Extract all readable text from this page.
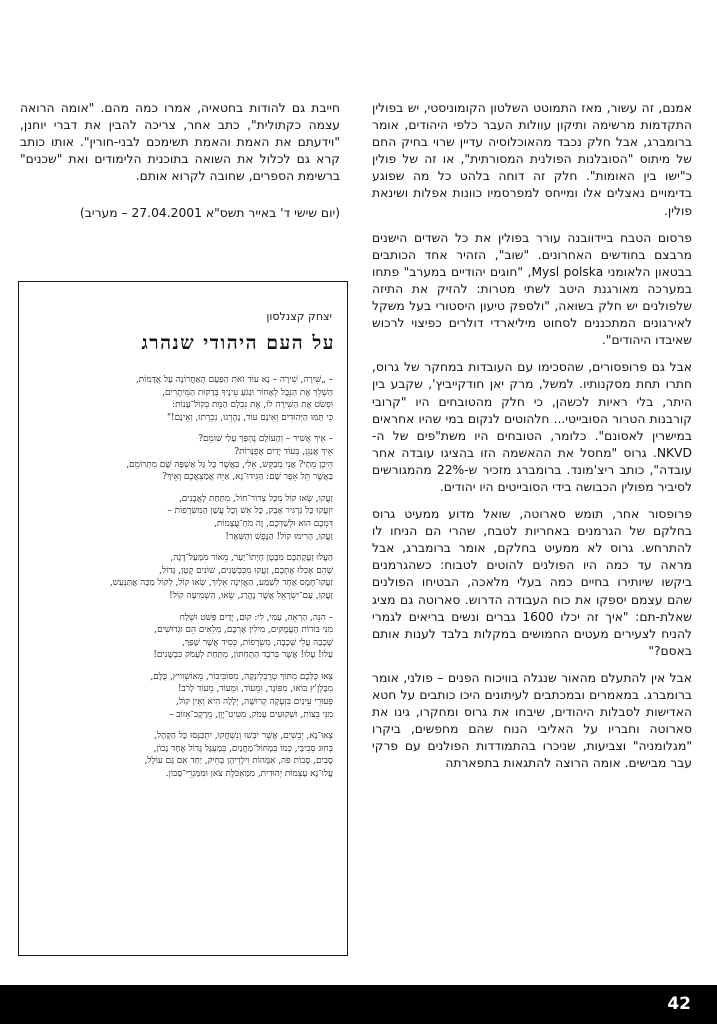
אמנם, זה עשור, מאז התמוטט השלטון הקומוניסטי, יש בפולין התקדמות מרשימה ותיקון עוולות העבר כלפי היהודים, אומר ברומברג, אבל חלק נכבד מהאוכלוסיה עדיין שרוי בחיק החם של מיתוס "הסובלנות הפולנית המסורתית", או זה של פולין כ"ישו בין האומות". חלק זה דוחה בלהט כל מה שפוגע בדימויים נאצלים אלו ומייחס למפרסמיו כוונות אפלות ושינאת פולין.

פרסום הטבח ביידוובנה עורר בפולין את כל השדים הישנים מרבצם בחודשים האחרונים. "שוב", הזהיר אחד הכותבים בבטאון הלאומני Mysl polska, "חוגים יהודיים במערב" פתחו במערכה מאורגנת היטב לשתי מטרות: להזיק את התיזה שלפולנים יש חלק בשואה, "ולספק טיעון היסטורי בעל משקל לאירגונים המתכננים לסחוט מיליארדי דולרים כפיצוי לרכוש שאיבדו היהודים".

אבל גם פרופסורים, שהסכימו עם העובדות במחקר של גרוס, חתרו תחת מסקנותיו. למשל, מרק יאן חודקייביץ', שקבע בין היתר, בלי ראיות לכשהן, כי חלק מהטובחים היו "קרובי קורבנות הטרור הסובייטי... חלהוטים לנקום במי שהיו אחראים במישרין לאסונם". כלומר, הטובחים היו משת"פים של ה-NKVD. גרוס "מחסל את ההאשמה הזו בהציגו עובדה אחר עובדה", כותב ריצ'מונד. ברומברג מזכיר ש-22% מהמגורשים לסיביר מפולין הכבושה בידי הסובייטים היו יהודים.

פרופסור אחר, תומש סארוטה, שואל מדוע ממעיט גרוס בחלקם של הגרמנים באחריות לטבח, שהרי הם הניחו לו להתרחש. גרוס לא ממעיט בחלקם, אומר ברומברג, אבל מראה עד כמה היו הפולנים להוטים לטבוח: כשהגרמנים ביקשו שיותירו בחיים כמה בעלי מלאכה, הבטיחו הפולנים שהם עצמם יספקו את כוח העבודה הדרוש. סארוטה גם מציג שאלת-תם: "איך זה יכלו 1600 גברים ונשים בריאים לגמרי להניח לצעירים מעטים החמושים במקלות בלבד לענות אותם באסם?"

אבל אין להתעלם מהאור שנגלה בוויכוח הפנים – פולני, אומר ברומברג. במאמרים ובמכתבים לעיתונים היכו כותבים על חטא האדישות לסבלות היהודים, שיבחו את גרוס ומחקרו, גינו את סארוטה וחבריו על האליבי הנוח שהם מחפשים, ביקרו "מגלומניה" וצביעות, שניכרו בהתמודדות הפולנים עם פרקי עבר מבישים. אומה הרוצה להתגאות בתפארתה

חייבת גם להודות בחטאיה, אמרו כמה מהם. "אומה הרואה עצמה כקתולית", כתב אחר, צריכה להבין את דברי יוחנן, "וידעתם את האמת והאמת תשימכם לבני-חורין". אותו כותב קרא גם לכלול את השואה בתוכנית הלימודים ואת "שכנים" ברשימת הספרים, שחובה לקרוא אותם.

(יום שישי ד' באייר תשס"א 27.04.2001 – מעריב)
יצחק קצנלסון
על העם היהודי שנהרג
– „שִׁירָה, שִׁירָה – נָא עוֹד זֹאת הַפַּעַם הָאַחֲרוֹנָה עַל אֲדָמוֹת,
הַשְׁלֵךְ אֶת הַנֵּבֶל לְאָחוֹר וּנְגֹעַ עֵינֶיךָ בְּדַקּוּת הַמֵּיתָרִים,
וּפְשֹׂט אֶת הַשִּׁירָה לוֹ, אֶת נִבְלָם הַמֵּת בְּקוֹל־עָנוֹת:
כִּי תַּמּוּ הַיְּהוּדִים וְאֵינָם עוֹד, נֶהֶרְגוּ, נִכְרְתוּ, וְאֵינָם!"
– אֵיךְ אָשִׁיר – וְהָעוֹלָם נֶהְפַּךְ עָלַי שׁוֹמֵם?
אֵיךְ אֲנַגֵּן, בְּעוֹד יָדַיִם אֲפֻנָּרוֹת?
הֵיכָן מֵתַי? אֲנִי מְבַקֵּשׁ, אֵלִי, בְּאֲשֶׁר כָּל גַּל אַשְׁפָּה שָׁם מִתְרוֹמֵם,
בַּאֲשֶׁר תֵּל אֵפֶר שָׁם: הַגִּידוּ־נָא, אַיֵּה אֲמַצְאֲכֶם וְאֵיךְ?
זַעֲקוּ, שְׂאוּ קוֹל מִכָּל צְרוֹר־חוֹל, מִתַּחַת לָאֲבָנִים,
יִזְעֲקוּ כָּל גַּרְגִּיר אָבָק, כָּל אֵשׁ וְכָל עֲשַׁן הַמִּשְׂרָפוֹת –
דִּמְכֶם הוּא וּלְשַׁדְכֶם, זֶה מֹחַ־עֲצָמוֹת,
זַעֲקוּ, הָרִימוּ קוֹל! הַנֶּפֶשׁ וְהַשְּׁאָר!
הַעֲלוּ זַעֲקַתְכֶם מִבֶּטֶן חַיְתוֹ־יַעַר, מֵאוֹר מִמַּעַל־דָּגָה,
שֶׁהֵם אָכְלוּ אֶתְכֶם, זַעֲקוּ מִכִּבְשָׁנִים, שׁוֹנִים קָטָן, גָּדוֹל,
זַעֲקוּ־חָמָס אֶחָד לְשַׁמַּע, הַאֲזִינָה אֵלַיִךְ, שְׂאוּ קוֹל, לְקוֹל מַכָּה אֲתַנְּעַשׁ,
זַעֲקוּ, עַם־יִשְׂרָאֵל אֲשֶׁר נֶהֱרַג, שְׂאוּ, הַשְׁמִיעָה קוֹל!
– הִנֵּה, הַרְאֵה, עַמִּי, לִי: קוּם, יָדַיִם פְּשֹׁט וּשְׁלַח
מִנִּי בּוֹרוֹת הָעֲמֻקִּים, מִילִין אָרְכָּם, מְלֵאִים הֵם וּגְדוּשִׁים,
שְׁכָבָה עֲלֵי שְׁכָבָה, מִשְׂרָפוֹת, כְּסִיד אֲשֶׁר שֻׁפַּךְ,
עָלוּ! עָלוּ! אֲשֶׁר בְּרֹבֶד הַתַּחְתּוֹן, מִתַּחַת לְעָמֹק כִּבְשָׁנִים!
צְאוּ כֻּלְּכֶם מִתּוֹךְ טְרֶבְלִינְקָה, מִסּוֹבִּיבּוֹר, מֵאוֹשְׁוִויץ, כֻּלָּם,
מִבֶּלְזֶ'ץ בּוֹאוּ, מִפּוֹנָר, וּמֵעוֹד, וּמֵעוֹד, מֵעוֹד לָרֹב!
פְּעוּרֵי עֵינַיִם בִּזְעָקָה קְרוּשָׁה, יְלָלָה הִיא וְאֵין קוֹל,
מִנִּי בִּצּוֹת, וּשְׁקוּעִים עָמֹק, מִטִּיט־יָוֵן, מֵרָקָב־אֵזוֹב –
צְאוּ־נָא, יְבֵשִׁים, אֲשֶׁר יִבְּשׁוּ וְנִשְׁחֲקוּ, יִתְכַּנְּסוּ כָּל הַקָּהָל,
בְּחוּג סְבִיבַי, כְּמוֹ בְּמָחוֹל־מַחֲנַיִם, בְּמַעְגָּל גָּדוֹל אֶחָד נָכוֹן,
סָבִים, סָבוֹת פֹּה, אִמָּהוֹת וִילָדֵיהֶן בְּחֵיק, יַחַד אִם גַּם עוֹלָל,
עֲלוּ־נָא עַצְמוֹת יְהוּדִית, מִמַּאְכֹּלֶת צֹאן וּמִמַּגְרֵי־סַבּוֹן.
42
